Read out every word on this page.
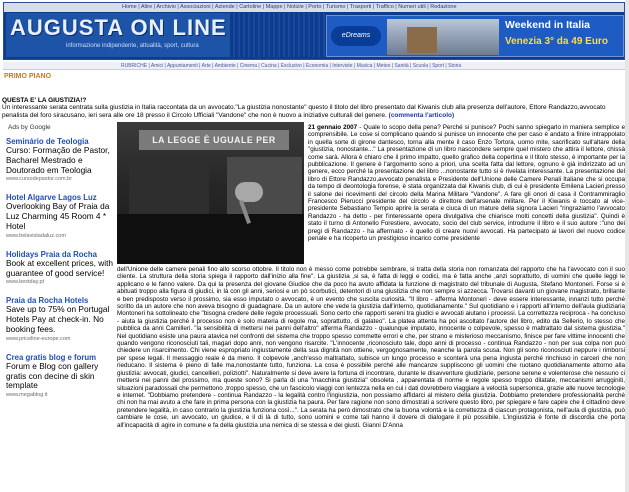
Home | Altre | Archivio | Associazioni | Aziende | Cartoline | Mappe | Notizie | Porto | Turismo | Trasporti | Traffico | Numeri utili | Redazione
AUGUSTA ON LINE
informazione indipendente, attualità, sport, cultura
eDreams
Weekend in Italia
Venezia 3° da 49 Euro
RUBRICHE | Amici | Appuntamenti | Arte | Ambiente | Cinema | Cucina | Esclusivo | Economia | Interviste | Musica | Meteo | Sanità | Scuola | Sport | Storia
PRIMO PIANO
QUESTA E' LA GIUSTIZIA!?
Un interessante serata centrata sulla giustizia in Italia raccontata da un avvocato."La giustizia nonostante" questo il titolo del libro presentato dal Kiwanis club alla presenza dell'autore, Ettore Randazzo,avvocato penalista del foro siracusano, ieri sera alle ore 18 presso il Circolo Ufficiali "Vandone" che non è nuovo a iniziative culturali del genere. (commenta l'articolo)
Ads by Google
Seminário de Teologia
Curso: Formação de Pastor, Bacharel Mestrado e Doutorado em Teologia
www.cursodepastor.com.br
Hotel Algarve Lagos Luz
Overlooking Bay of Praia da Luz Charming 45 Room 4 * Hotel
www.belavistadaluz.com
Holidays Praia da Rocha
Book at excellent prices, with guarantee of good service!
www.bestday.pt
Praia da Rocha Hotels
Save up to 75% on Portugal Hotels Pay at check-in. No booking fees.
www.priceline-europe.com
Crea gratis blog e forum
Forum e Blog con gallery gratis con decine di skin template
www.megablog.it
LA LEGGE È UGUALE PER
21 gennaio 2007 - Quale lo scopo della pena? Perché si punisce? Pochi sanno spiegarlo in maniera semplice e comprensibile. Le cose si complicano quando si punisce un innocente che per caso è andato a finire intrappolato in quella sorte di girone dantesco, torna alla mente il caso Enzo Tortora, uomo mite, sacrificato sull'altare della "giustizia, nonostante..." La presentazione di un libro nascondere sempre quel mistero che attira il lettore, chissà come sarà. Allora è chiaro che il primo impatto, quello grafico della copertina e il titolo stesso, è importante per la pubblicazione. Il genere è l'argomento sono a priori, una scelta fatta dal lettore, ognuno è già indirizzato ad un genere, ecco perché la presentazione del libro ...nonostante tutto si è rivelata interessante. La presentazione del libro di Ettore Randazzo,avvocato penalista e Presidente dell'Unione delle Camere Penali Italiane che si occupa da tempo di deontologia forense, è stata organizzata dal Kiwanis club, di cui è presidente Emilena Lacieri,presso il salone dei ricevimenti del circolo della Marina Militare "Vandone". A fare gli onori di casa il Contrammiraglio Francesco Pierucci presidente del circolo e direttore dell'arsenale militare. Per il Kiwanis è toccato al vice-presidente Sebastiano Tempio aprire la serata e ciuca di un mature della signora Lacieri "ringraziamo l'avvocato Randazzo - ha detto - per l'interessante opera divulgativa che chiarisce molti concetti della giustizia". Quindi è stato il turno di Antonello Forestiere, avvocato, socio del club service, introdurre il libro e il suo autore :"uno dei pregi di Randazzo - ha affermato - è quello di creare nuovi avvocati. Ha partecipato ai lavori del nuovo codice penale e ha ricoperto un prestigioso incarico come presidente
dell'Unione delle camere penali fino allo scorso ottobre. Il titolo non è messo come potrebbe sembrare, si tratta della storia non romanzata del rapporto che ha l'avvocato con il suo cliente. La struttura della storia spiega il rapporto dall'inizio alla fine". La giustizia ,si sa, è fatta di leggi e codici, ma è fatta anche ,anzi soprattutto, di uomini che quelle leggi le applicano e le fanno valere. Da qui la presenza del giovane Giudice che da poco ha avuto affidata la funzione di magistrato del tribunale di Augusta, Stefano Montoneri. Forse si è abituati troppo alla figura di giudici, in là con gli anni, seriosi e un pò scorbutici, detentori di una giustizia che non sempre si azzecca. Trovarsi davanti un giovane magistrato, brillante e ben predisposto verso il prossimo, sia esso imputato o avvocato, è un evento che suscita curiosità. "Il libro - afferma Montoneri - deve essere interessante, innanzi tutto perché scritto da un autore che non aveva bisogno di guadagnare. Da un autore che vede la giustizia dall'interno, quotidianamente." Sul quotidiano e i rapporti all'interno dell'aula giudiziaria Montoneri ha sottolineato che "bisogna credere delle regole processuali. Sono certo che rapporti sereni tra giudici e avvocati aiutano i processi. La correttezza reciproca - ha concluso - aiuta la giustizia perché il processo non è solo materia di regole ma, soprattutto, di galateo". La platea attenta ha poi ascoltato l'autore del libro, edito da Sellerio, lo stesso che pubblica da anni Camilleri. "la sensibilità di mettersi nei panni dell'altro" afferma Randazzo - qualunque imputato, innocente o colpevole, spesso è maltrattato dal sistema giustizia." Nel quotidiano esiste una paura atavica nel confronti del sistema che troppo spesso commette errori e che, per strano e misterioso meccanismo, finisce per fare vittime innocenti che quando vengono riconosciuti tali, magari dopo anni, non vengono risarcite. "L'innocente ,riconosciuto tale, dopo anni di processo - continua Randazzo - non per sua colpa non può chiedere un risarcimento. Chi viene espropriato ingiustamente della sua dignità non ottiene, vergognosamente, neanche la parola scusa. Non gli sono riconosciuti neppure i rimborsi per spese legali. Il messaggio reale è da meno. Il colpevole ,anch'esso maltrattato, subisce un lungo processo e sconterà una pena ingiusta perché rinchiuso in carceri che non rieducano. Il sistema è pieno di falle ma,nonostante tutto, funziona. La cosa è possibile perché alle mancanze suppliscono gli uomini che ruotano quotidianamente attorno alla giustizia: avvocati, giudici, cancellieri, poliziotti". Naturalmente si deve avere la fortuna di incontrare, durante le disavventure giudiziarie, persone serene e volenterose che nessuno ci mettersi nei panni del prossimo, ma queste sono? Si parla di una "macchina giustizia" obsoleta , apparentata di norme e regole spesso troppo dilatate, meccanismi arrugginiti, situazioni paradossali che permettono ,troppo spesso, che un fascicolo viaggi con lentezza nella en cui i dati dovrebbero viaggiare a velocità supersonica, grazie alle nuove tecnologie e internet. "Dobbiamo pretendere - continua Randazzo - la legalità contro l'ingiustizia, non possiamo affidarci al mistero della giustizia. Dobbiamo pretendere professionalità perché chi non ha mai avuto a che fare in prima persona con la giustizia ha paura. Per fare ragione non sono dimostrati a scrivere questo libro, per spiegare e fare capire che il cittadino deve pretendere legalità, in caso contrario la giustizia funziona così...". La serata ha però dimostrato che la buona volontà e la correttezza di ciascun protagonista, nell'aula di giustizia, può cambiare le cose, un avvocato, un giudice, e il di là di tutto, sono uomini e come tali hanno il dovere di dialogare il più possibile. L'ingiustizia è fonte di discordia che porta all'incapacità di agire in comune e fa della giustizia una nemica di se stessa e dei giusti. Gianni D'Anna
